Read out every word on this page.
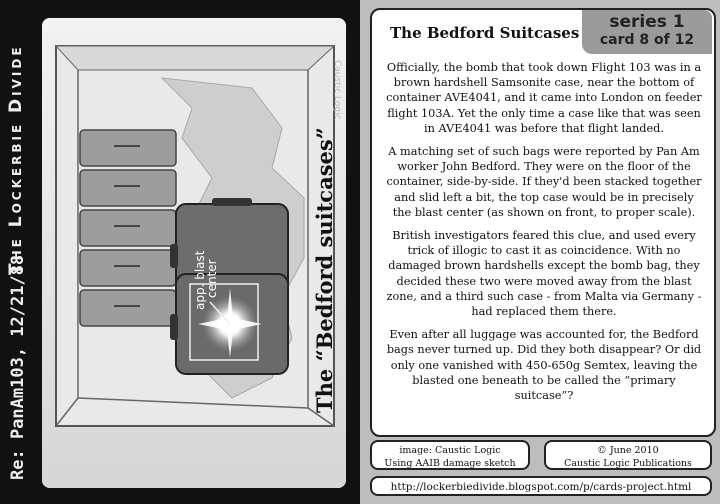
The Lockerbie Divide
Re: PanAm103, 12/21/88	app. blast
center
Caustic Logic
The “Bedford suitcases”
The Bedford Suitcases
series 1
card 8 of 12

Officially, the bomb that took down Flight 103 was in a brown hardshell Samsonite case, near the bottom of container AVE4041, and it came into London on feeder flight 103A. Yet the only time a case like that was seen in AVE4041 was before that flight landed.

A matching set of such bags were reported by Pan Am worker John Bedford. They were on the floor of the container, side-by-side. If they'd been stacked together and slid left a bit, the top case would be in precisely the blast center (as shown on front, to proper scale).

British investigators feared this clue, and used every trick of illogic to cast it as coincidence. With no damaged brown hardshells except the bomb bag, they decided these two were moved away from the blast zone, and a third such case - from Malta via Germany - had replaced them there.

Even after all luggage was accounted for, the Bedford bags never turned up. Did they both disappear? Or did only one vanished with 450-650g Semtex, leaving the blasted one beneath to be called the “primary suitcase”?

image: Caustic Logic
Using AAIB damage sketch
© June 2010
Caustic Logic Publications
http://lockerbiedivide.blogspot.com/p/cards-project.html
